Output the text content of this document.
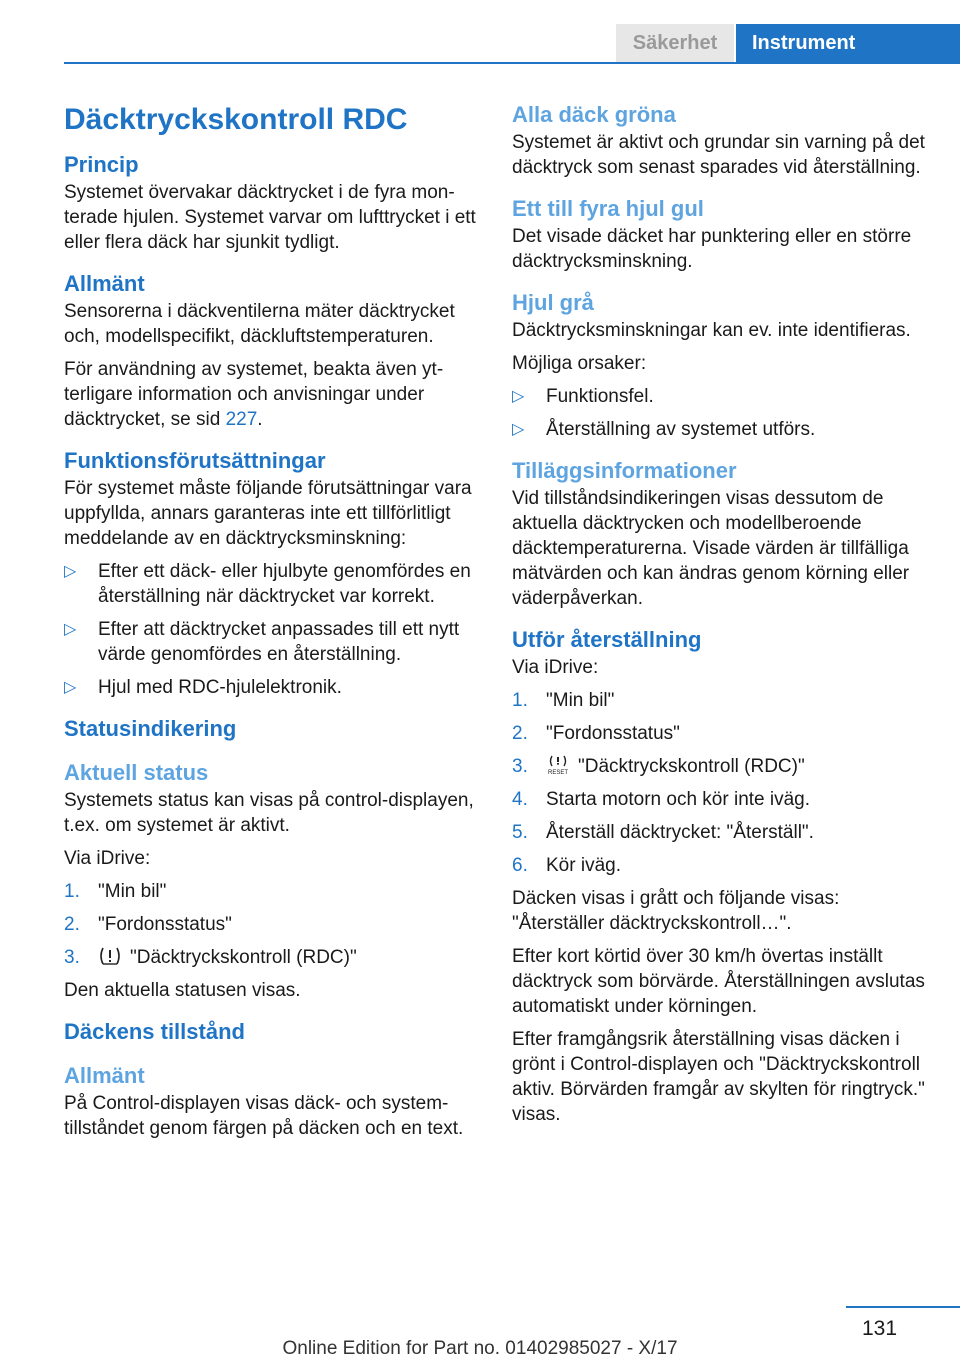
Säkerhet	Instrument
Däcktryckskontroll RDC
Princip

Systemet övervakar däcktrycket i de fyra monterade hjulen. Systemet varvar om lufttrycket i ett eller flera däck har sjunkit tydligt.

Allmänt

Sensorerna i däckventilerna mäter däcktrycket och, modellspecifikt, däckluftstemperaturen.

För användning av systemet, beakta även ytterligare information och anvisningar under däcktrycket, se sid 227.

Funktionsförutsättningar

För systemet måste följande förutsättningar vara uppfyllda, annars garanteras inte ett tillförlitligt meddelande av en däcktrycksminskning:

▷ Efter ett däck- eller hjulbyte genomfördes en återställning när däcktrycket var korrekt.
▷ Efter att däcktrycket anpassades till ett nytt värde genomfördes en återställning.
▷ Hjul med RDC-hjulelektronik.
Statusindikering
Aktuell status

Systemets status kan visas på control-displayen, t.ex. om systemet är aktivt.

Via iDrive:

1. "Min bil"
2. "Fordonsstatus"
3.	"Däcktryckskontroll (RDC)"

Den aktuella statusen visas.

Däckens tillstånd
Allmänt

På Control-displayen visas däck- och systemtillståndet genom färgen på däcken och en text.

Alla däck gröna

Systemet är aktivt och grundar sin varning på det däcktryck som senast sparades vid återställning.

Ett till fyra hjul gul

Det visade däcket har punktering eller en större däcktrycksminskning.

Hjul grå

Däcktrycksminskningar kan ev. inte identifieras.

Möjliga orsaker:

▷ Funktionsfel.
▷ Återställning av systemet utförs.
Tilläggsinformationer

Vid tillståndsindikeringen visas dessutom de aktuella däcktrycken och modellberoende däcktemperaturerna. Visade värden är tillfälliga mätvärden och kan ändras genom körning eller väderpåverkan.

Utför återställning

Via iDrive:

1. "Min bil"
2. "Fordonsstatus"
3.	RESET "Däcktryckskontroll (RDC)"
4. Starta motorn och kör inte iväg.
5. Återställ däcktrycket: "Återställ".
6. Kör iväg.

Däcken visas i grått och följande visas: "Återställer däcktryckskontroll…".

Efter kort körtid över 30 km/h övertas inställt däcktryck som börvärde. Återställningen avslutas automatiskt under körningen.

Efter framgångsrik återställning visas däcken i grönt i Control-displayen och "Däcktryckskontroll aktiv. Börvärden framgår av skylten för ringtryck." visas.

131
Online Edition for Part no. 01402985027 - X/17
